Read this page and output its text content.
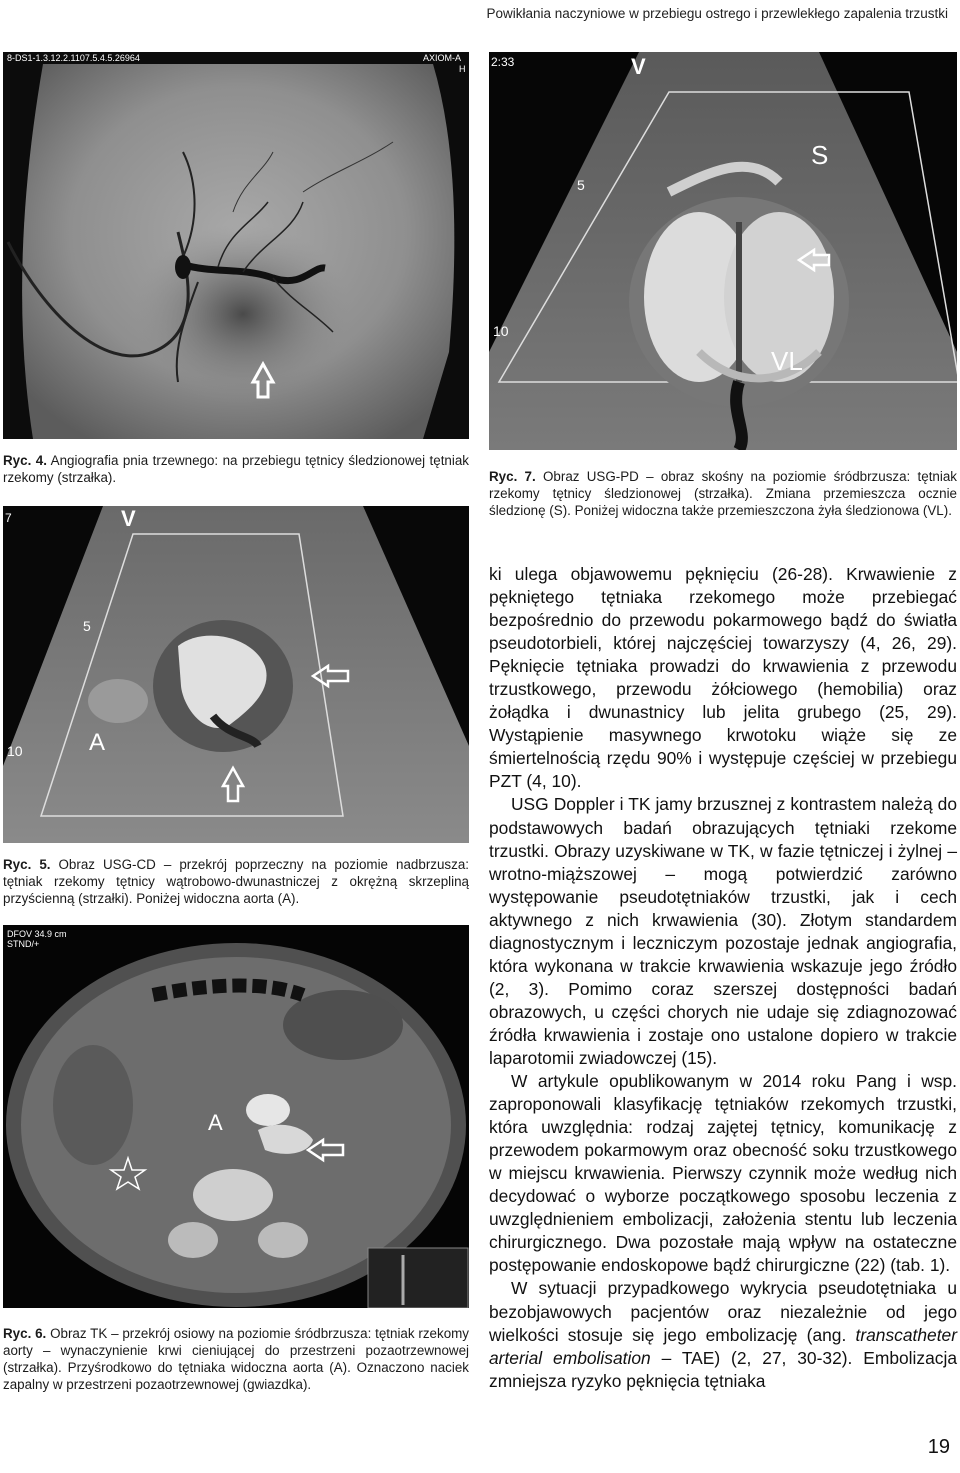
Powikłania naczyniowe w przebiegu ostrego i przewlekłego zapalenia trzustki
8-DS1-1.3.12.2.1107.5.4.5.26964	AXIOM-A
H
Ryc. 4. Angiografia pnia trzewnego: na przebiegu tętnicy śledzionowej tętniak rzekomy (strzałka).
2:33	V
S
VL
5
10
Ryc. 7. Obraz USG-PD – obraz skośny na poziomie śródbrzusza: tętniak rzekomy tętnicy śledzionowej (strzałka). Zmiana przemieszcza ocznie śledzionę (S). Poniżej widoczna także przemieszczona żyła śledzionowa (VL).
7	V
A
5
10
Ryc. 5. Obraz USG-CD – przekrój poprzeczny na poziomie nadbrzusza: tętniak rzekomy tętnicy wątrobowo-dwunastniczej z okrężną skrzepliną przyścienną (strzałki). Poniżej widoczna aorta (A).
DFOV 34.9 cm
STND/+
A
Ryc. 6. Obraz TK – przekrój osiowy na poziomie śródbrzusza: tętniak rzekomy aorty – wynaczynienie krwi cieniującej do przestrzeni pozaotrzewnowej (strzałka). Przyśrodkowo do tętniaka widoczna aorta (A). Oznaczono naciek zapalny w przestrzeni pozaotrzewnowej (gwiazdka).

ki ulega objawowemu pęknięciu (26-28). Krwawienie z pękniętego tętniaka rzekomego może przebiegać bezpośrednio do przewodu pokarmowego bądź do światła pseudotorbieli, której najczęściej towarzyszy (4, 26, 29). Pęknięcie tętniaka prowadzi do krwawienia z przewodu trzustkowego, przewodu żółciowego (hemobilia) oraz żołądka i dwunastnicy lub jelita grubego (25, 29). Wystąpienie masywnego krwotoku wiąże się ze śmiertelnością rzędu 90% i występuje częściej w przebiegu PZT (4, 10).

USG Doppler i TK jamy brzusznej z kontrastem należą do podstawowych badań obrazujących tętniaki rzekome trzustki. Obrazy uzyskiwane w TK, w fazie tętniczej i żylnej – wrotno-miąższowej – mogą potwierdzić zarówno występowanie pseudotętniaków trzustki, jak i cech aktywnego z nich krwawienia (30). Złotym standardem diagnostycznym i leczniczym pozostaje jednak angiografia, która wykonana w trakcie krwawienia wskazuje jego źródło (2, 3). Pomimo coraz szerszej dostępności badań obrazowych, u części chorych nie udaje się zdiagnozować źródła krwawienia i zostaje ono ustalone dopiero w trakcie laparotomii zwiadowczej (15).

W artykule opublikowanym w 2014 roku Pang i wsp. zaproponowali klasyfikację tętniaków rzekomych trzustki, która uwzględnia: rodzaj zajętej tętnicy, komunikację z przewodem pokarmowym oraz obecność soku trzustkowego w miejscu krwawienia. Pierwszy czynnik może według nich decydować o wyborze początkowego sposobu leczenia z uwzględnieniem embolizacji, założenia stentu lub leczenia chirurgicznego. Dwa pozostałe mają wpływ na ostateczne postępowanie endoskopowe bądź chirurgiczne (22) (tab. 1).

W sytuacji przypadkowego wykrycia pseudotętniaka u bezobjawowych pacjentów oraz niezależnie od jego wielkości stosuje się jego embolizację (ang. transcatheter arterial embolisation – TAE) (2, 27, 30-32). Embolizacja zmniejsza ryzyko pęknięcia tętniaka

19
